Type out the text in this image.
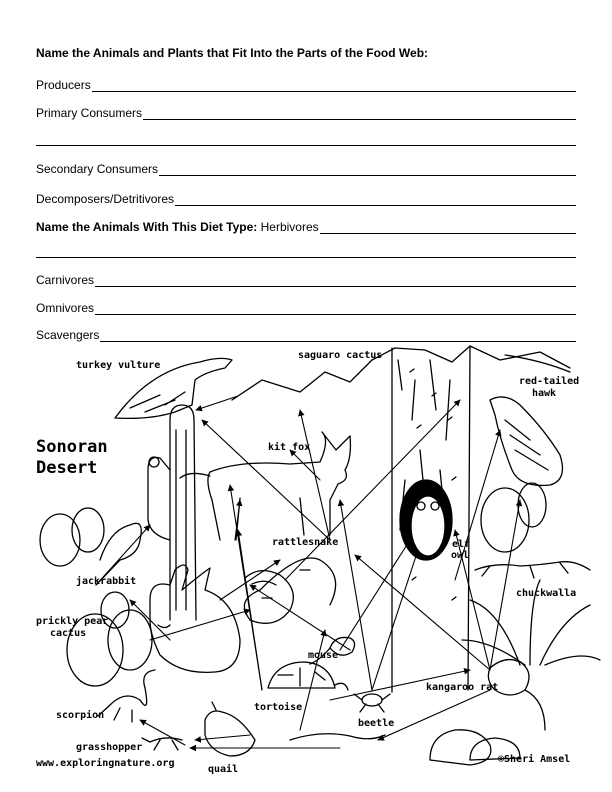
Name the Animals and Plants that Fit Into the Parts of the Food Web:
Producers
Primary Consumers
Secondary Consumers
Decomposers/Detritivores
Name the Animals With This Diet Type: Herbivores
Carnivores
Omnivores
Scavengers
Sonoran
Desert
turkey vulture
saguaro cactus
red-tailed
hawk
kit fox
rattlesnake	elf
owl
jackrabbit
chuckwalla
prickly pear
cactus
mouse
kangaroo rat
tortoise
scorpion
beetle
grasshopper
quail
www.exploringnature.org	©Sheri Amsel
